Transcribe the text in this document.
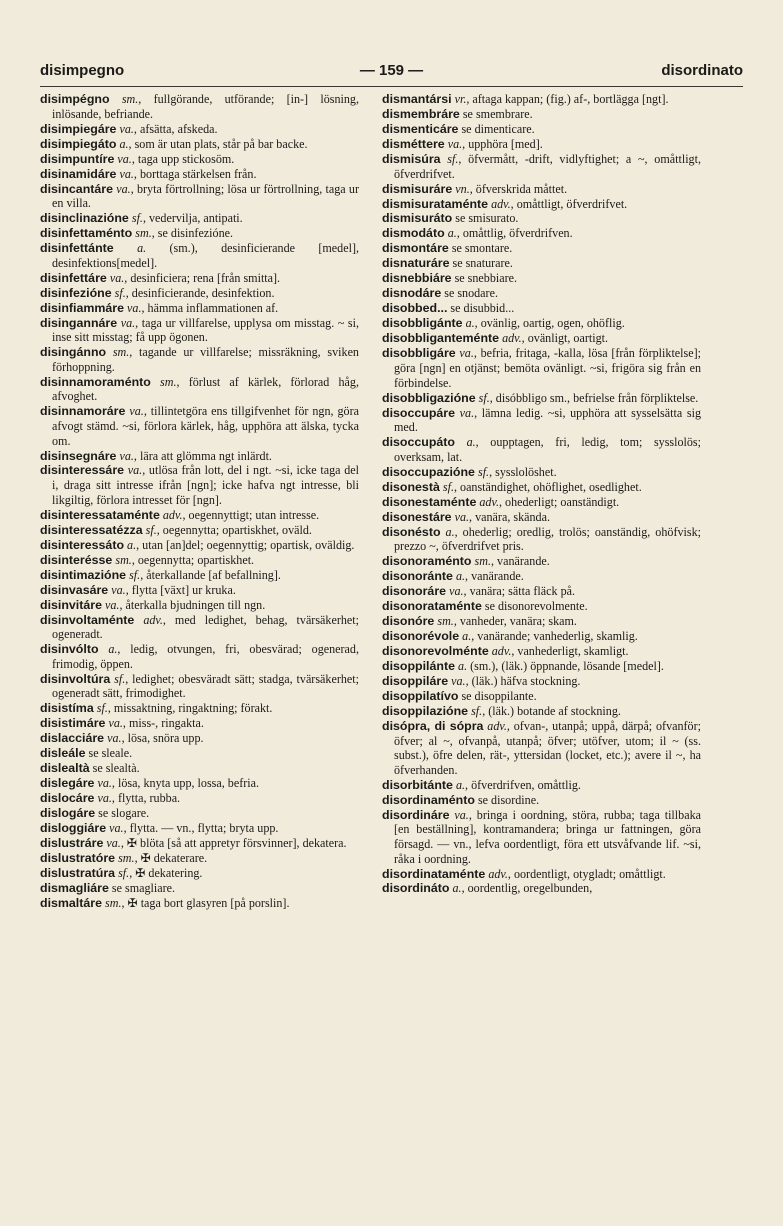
disimpegno	— 159 —	disordinato

disimpégno sm., fullgörande, utförande; [in-] lösning, inlösande, befriande.

disimpiegáre va., afsätta, afskeda.

disimpiegáto a., som är utan plats, står på bar backe.

disimpuntíre va., taga upp stickosöm.

disinamidáre va., borttaga stärkelsen från.

disincantáre va., bryta förtrollning; lösa ur förtrollning, taga ur en villa.

disinclinazióne sf., vedervilja, antipati.

disinfettaménto sm., se disinfezióne.

disinfettánte a. (sm.), desinficierande [medel], desinfektions[medel].

disinfettáre va., desinficiera; rena [från smitta].

disinfezióne sf., desinficierande, desinfektion.

disinfiammáre va., hämma inflammationen af.

disingannáre va., taga ur villfarelse, upplysa om misstag. ~ si, inse sitt misstag; få upp ögonen.

disingánno sm., tagande ur villfarelse; missräkning, sviken förhoppning.

disinnamoraménto sm., förlust af kärlek, förlorad håg, afvoghet.

disinnamoráre va., tillintetgöra ens tillgifvenhet för ngn, göra afvogt stämd. ~si, förlora kärlek, håg, upphöra att älska, tycka om.

disinsegnáre va., lära att glömma ngt inlärdt.

disinteressáre va., utlösa från lott, del i ngt. ~si, icke taga del i, draga sitt intresse ifrån [ngn]; icke hafva ngt intresse, bli likgiltig, förlora intresset för [ngn].

disinteressataménte adv., oegennyttigt; utan intresse.

disinteressatézza sf., oegennytta; opartiskhet, oväld.

disinteressáto a., utan [an]del; oegennyttig; opartisk, oväldig.

disinterésse sm., oegennytta; opartiskhet.

disintimazióne sf., återkallande [af befallning].

disinvasáre va., flytta [växt] ur kruka.

disinvitáre va., återkalla bjudningen till ngn.

disinvoltaménte adv., med ledighet, behag, tvärsäkerhet; ogeneradt.

disinvólto a., ledig, otvungen, fri, obesvärad; ogenerad, frimodig, öppen.

disinvoltúra sf., ledighet; obesväradt sätt; stadga, tvärsäkerhet; ogeneradt sätt, frimodighet.

disistíma sf., missaktning, ringaktning; förakt.

disistimáre va., miss-, ringakta.

dislacciáre va., lösa, snöra upp.

disleále se sleale.

dislealtà se slealtà.

dislegáre va., lösa, knyta upp, lossa, befria.

dislocáre va., flytta, rubba.

dislogáre se slogare.

disloggiáre va., flytta. — vn., flytta; bryta upp.

dislustráre va., ✠ blöta [så att appretyr försvinner], dekatera.

dislustratóre sm., ✠ dekaterare.

dislustratúra sf., ✠ dekatering.

dismagliáre se smagliare.

dismaltáre sm., ✠ taga bort glasyren [på porslin].

dismantársi vr., aftaga kappan; (fig.) af-, bortlägga [ngt].

dismembráre se smembrare.

dismenticáre se dimenticare.

disméttere va., upphöra [med].

dismisúra sf., öfvermått, -drift, vidlyftighet; a ~, omåttligt, öfverdrifvet.

dismisuráre vn., öfverskrida måttet.

dismisurataménte adv., omåttligt, öfverdrifvet.

dismisuráto se smisurato.

dismodáto a., omåttlig, öfverdrifven.

dismontáre se smontare.

disnaturáre se snaturare.

disnebbiáre se snebbiare.

disnodáre se snodare.

disobbed... se disubbid...

disobbligánte a., ovänlig, oartig, ogen, ohöflig.

disobbliganteménte adv., ovänligt, oartigt.

disobbligáre va., befria, fritaga, -kalla, lösa [från förpliktelse]; göra [ngn] en otjänst; bemöta ovänligt. ~si, frigöra sig från en förbindelse.

disobbligazióne sf., disóbbligo sm., befrielse från förpliktelse.

disoccupáre va., lämna ledig. ~si, upphöra att sysselsätta sig med.

disoccupáto a., oupptagen, fri, ledig, tom; sysslolös; overksam, lat.

disoccupazióne sf., sysslolöshet.

disonestà sf., oanständighet, ohöflighet, osedlighet.

disonestaménte adv., ohederligt; oanständigt.

disonestáre va., vanära, skända.

disonésto a., ohederlig; oredlig, trolös; oanständig, ohöfvisk; prezzo ~, öfverdrifvet pris.

disonoraménto sm., vanärande.

disonoránte a., vanärande.

disonoráre va., vanära; sätta fläck på.

disonorataménte se disonorevolmente.

disonóre sm., vanheder, vanära; skam.

disonorévole a., vanärande; vanhederlig, skamlig.

disonorevolménte adv., vanhederligt, skamligt.

disoppilánte a. (sm.), (läk.) öppnande, lösande [medel].

disoppiláre va., (läk.) häfva stockning.

disoppilatívo se disoppilante.

disoppilazióne sf., (läk.) botande af stockning.

disópra, di sópra adv., ofvan-, utanpå; uppå, därpå; ofvanför; öfver; al ~, ofvanpå, utanpå; öfver; utöfver, utom; il ~ (ss. subst.), öfre delen, rät-, yttersidan (locket, etc.); avere il ~, ha öfverhanden.

disorbitánte a., öfverdrifven, omåttlig.

disordinaménto se disordine.

disordináre va., bringa i oordning, störa, rubba; taga tillbaka [en beställning], kontramandera; bringa ur fattningen, göra försagd. — vn., lefva oordentligt, föra ett utsvåfvande lif. ~si, råka i oordning.

disordinataménte adv., oordentligt, otygladt; omåttligt.

disordináto a., oordentlig, oregelbunden,
